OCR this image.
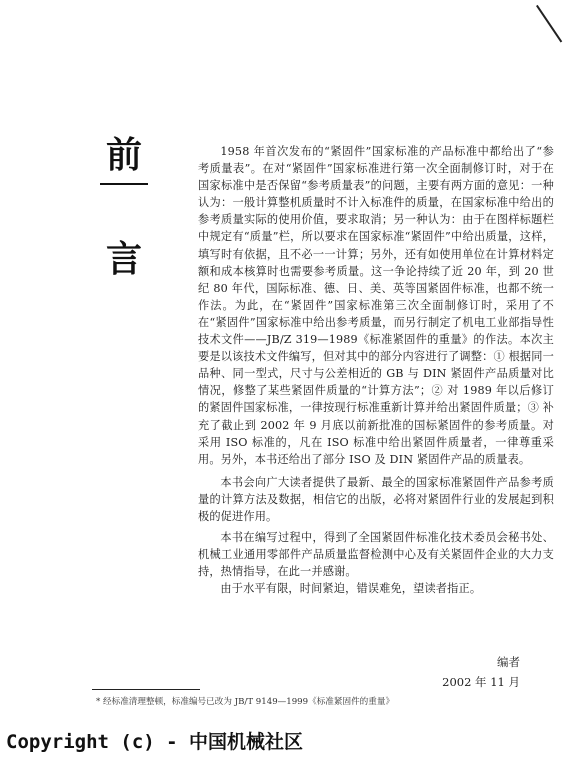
前
言

1958 年首次发布的“紧固件”国家标准的产品标准中都给出了“参考质量表”。在对“紧固件”国家标准进行第一次全面制修订时，对于在国家标准中是否保留“参考质量表”的问题，主要有两方面的意见：一种认为：一般计算整机质量时不计入标准件的质量，在国家标准中给出的参考质量实际的使用价值，要求取消；另一种认为：由于在图样标题栏中规定有“质量”栏，所以要求在国家标准“紧固件”中给出质量，这样，填写时有依据，且不必一一计算；另外，还有如使用单位在计算材料定额和成本核算时也需要参考质量。这一争论持续了近 20 年，到 20 世纪 80 年代，国际标准、德、日、美、英等国紧固件标准，也都不统一作法。为此，在“紧固件”国家标准第三次全面制修订时，采用了不在“紧固件”国家标准中给出参考质量，而另行制定了机电工业部指导性技术文件——JB/Z 319—1989《标准紧固件的重量》的作法。本次主要是以该技术文件编写，但对其中的部分内容进行了调整：① 根据同一品种、同一型式，尺寸与公差相近的 GB 与 DIN 紧固件产品质量对比情况，修整了某些紧固件质量的“计算方法”；② 对 1989 年以后修订的紧固件国家标准，一律按现行标准重新计算并给出紧固件质量；③ 补充了截止到 2002 年 9 月底以前新批准的国标紧固件的参考质量。对采用 ISO 标准的，凡在 ISO 标准中给出紧固件质量者，一律尊重采用。另外，本书还给出了部分 ISO 及 DIN 紧固件产品的质量表。

本书会向广大读者提供了最新、最全的国家标准紧固件产品参考质量的计算方法及数据，相信它的出版，必将对紧固件行业的发展起到积极的促进作用。

本书在编写过程中，得到了全国紧固件标准化技术委员会秘书处、机械工业通用零部件产品质量监督检测中心及有关紧固件企业的大力支持，热情指导，在此一并感谢。

由于水平有限，时间紧迫，错误难免，望读者指正。

编者
2002 年 11 月
* 经标准清理整顿，标准编号已改为 JB/T 9149—1999《标准紧固件的重量》
Copyright (c) - 中国机械社区
